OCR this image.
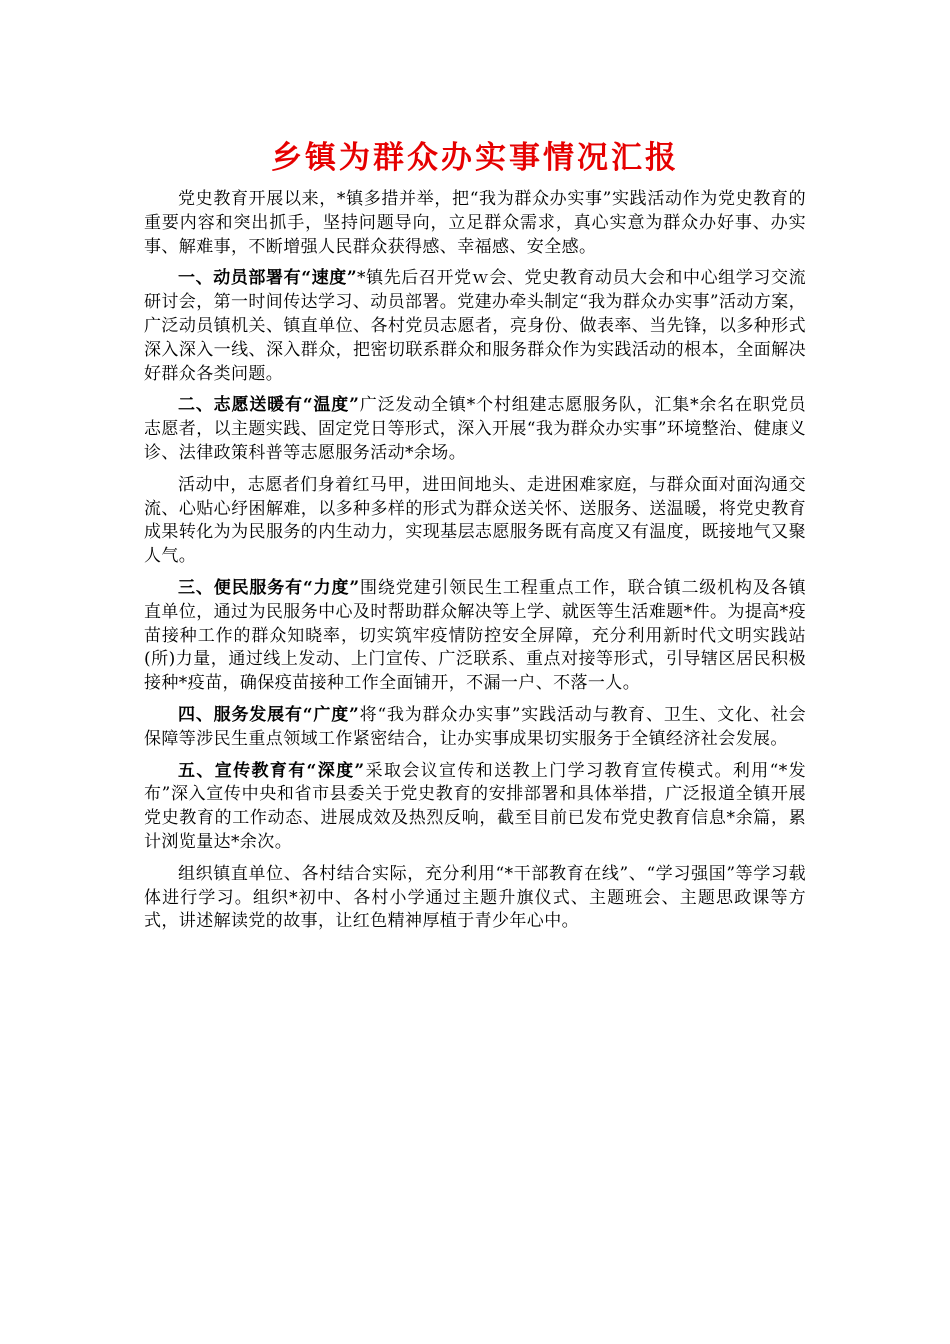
乡镇为群众办实事情况汇报

党史教育开展以来，*镇多措并举，把“我为群众办实事”实践活动作为党史教育的重要内容和突出抓手，坚持问题导向，立足群众需求，真心实意为群众办好事、办实事、解难事，不断增强人民群众获得感、幸福感、安全感。

一、动员部署有“速度”*镇先后召开党ｗ会、党史教育动员大会和中心组学习交流研讨会，第一时间传达学习、动员部署。党建办牵头制定“我为群众办实事”活动方案，广泛动员镇机关、镇直单位、各村党员志愿者，亮身份、做表率、当先锋，以多种形式深入深入一线、深入群众，把密切联系群众和服务群众作为实践活动的根本，全面解决好群众各类问题。

二、志愿送暖有“温度”广泛发动全镇*个村组建志愿服务队，汇集*余名在职党员志愿者，以主题实践、固定党日等形式，深入开展“我为群众办实事”环境整治、健康义诊、法律政策科普等志愿服务活动*余场。

活动中，志愿者们身着红马甲，进田间地头、走进困难家庭，与群众面对面沟通交流、心贴心纾困解难，以多种多样的形式为群众送关怀、送服务、送温暖，将党史教育成果转化为为民服务的内生动力，实现基层志愿服务既有高度又有温度，既接地气又聚人气。

三、便民服务有“力度”围绕党建引领民生工程重点工作，联合镇二级机构及各镇直单位，通过为民服务中心及时帮助群众解决等上学、就医等生活难题*件。为提高*疫苗接种工作的群众知晓率，切实筑牢疫情防控安全屏障，充分利用新时代文明实践站(所)力量，通过线上发动、上门宣传、广泛联系、重点对接等形式，引导辖区居民积极接种*疫苗，确保疫苗接种工作全面铺开，不漏一户、不落一人。

四、服务发展有“广度”将“我为群众办实事”实践活动与教育、卫生、文化、社会保障等涉民生重点领域工作紧密结合，让办实事成果切实服务于全镇经济社会发展。

五、宣传教育有“深度”采取会议宣传和送教上门学习教育宣传模式。利用“*发布”深入宣传中央和省市县委关于党史教育的安排部署和具体举措，广泛报道全镇开展党史教育的工作动态、进展成效及热烈反响，截至目前已发布党史教育信息*余篇，累计浏览量达*余次。

组织镇直单位、各村结合实际，充分利用“*干部教育在线”、“学习强国”等学习载体进行学习。组织*初中、各村小学通过主题升旗仪式、主题班会、主题思政课等方式，讲述解读党的故事，让红色精神厚植于青少年心中。
